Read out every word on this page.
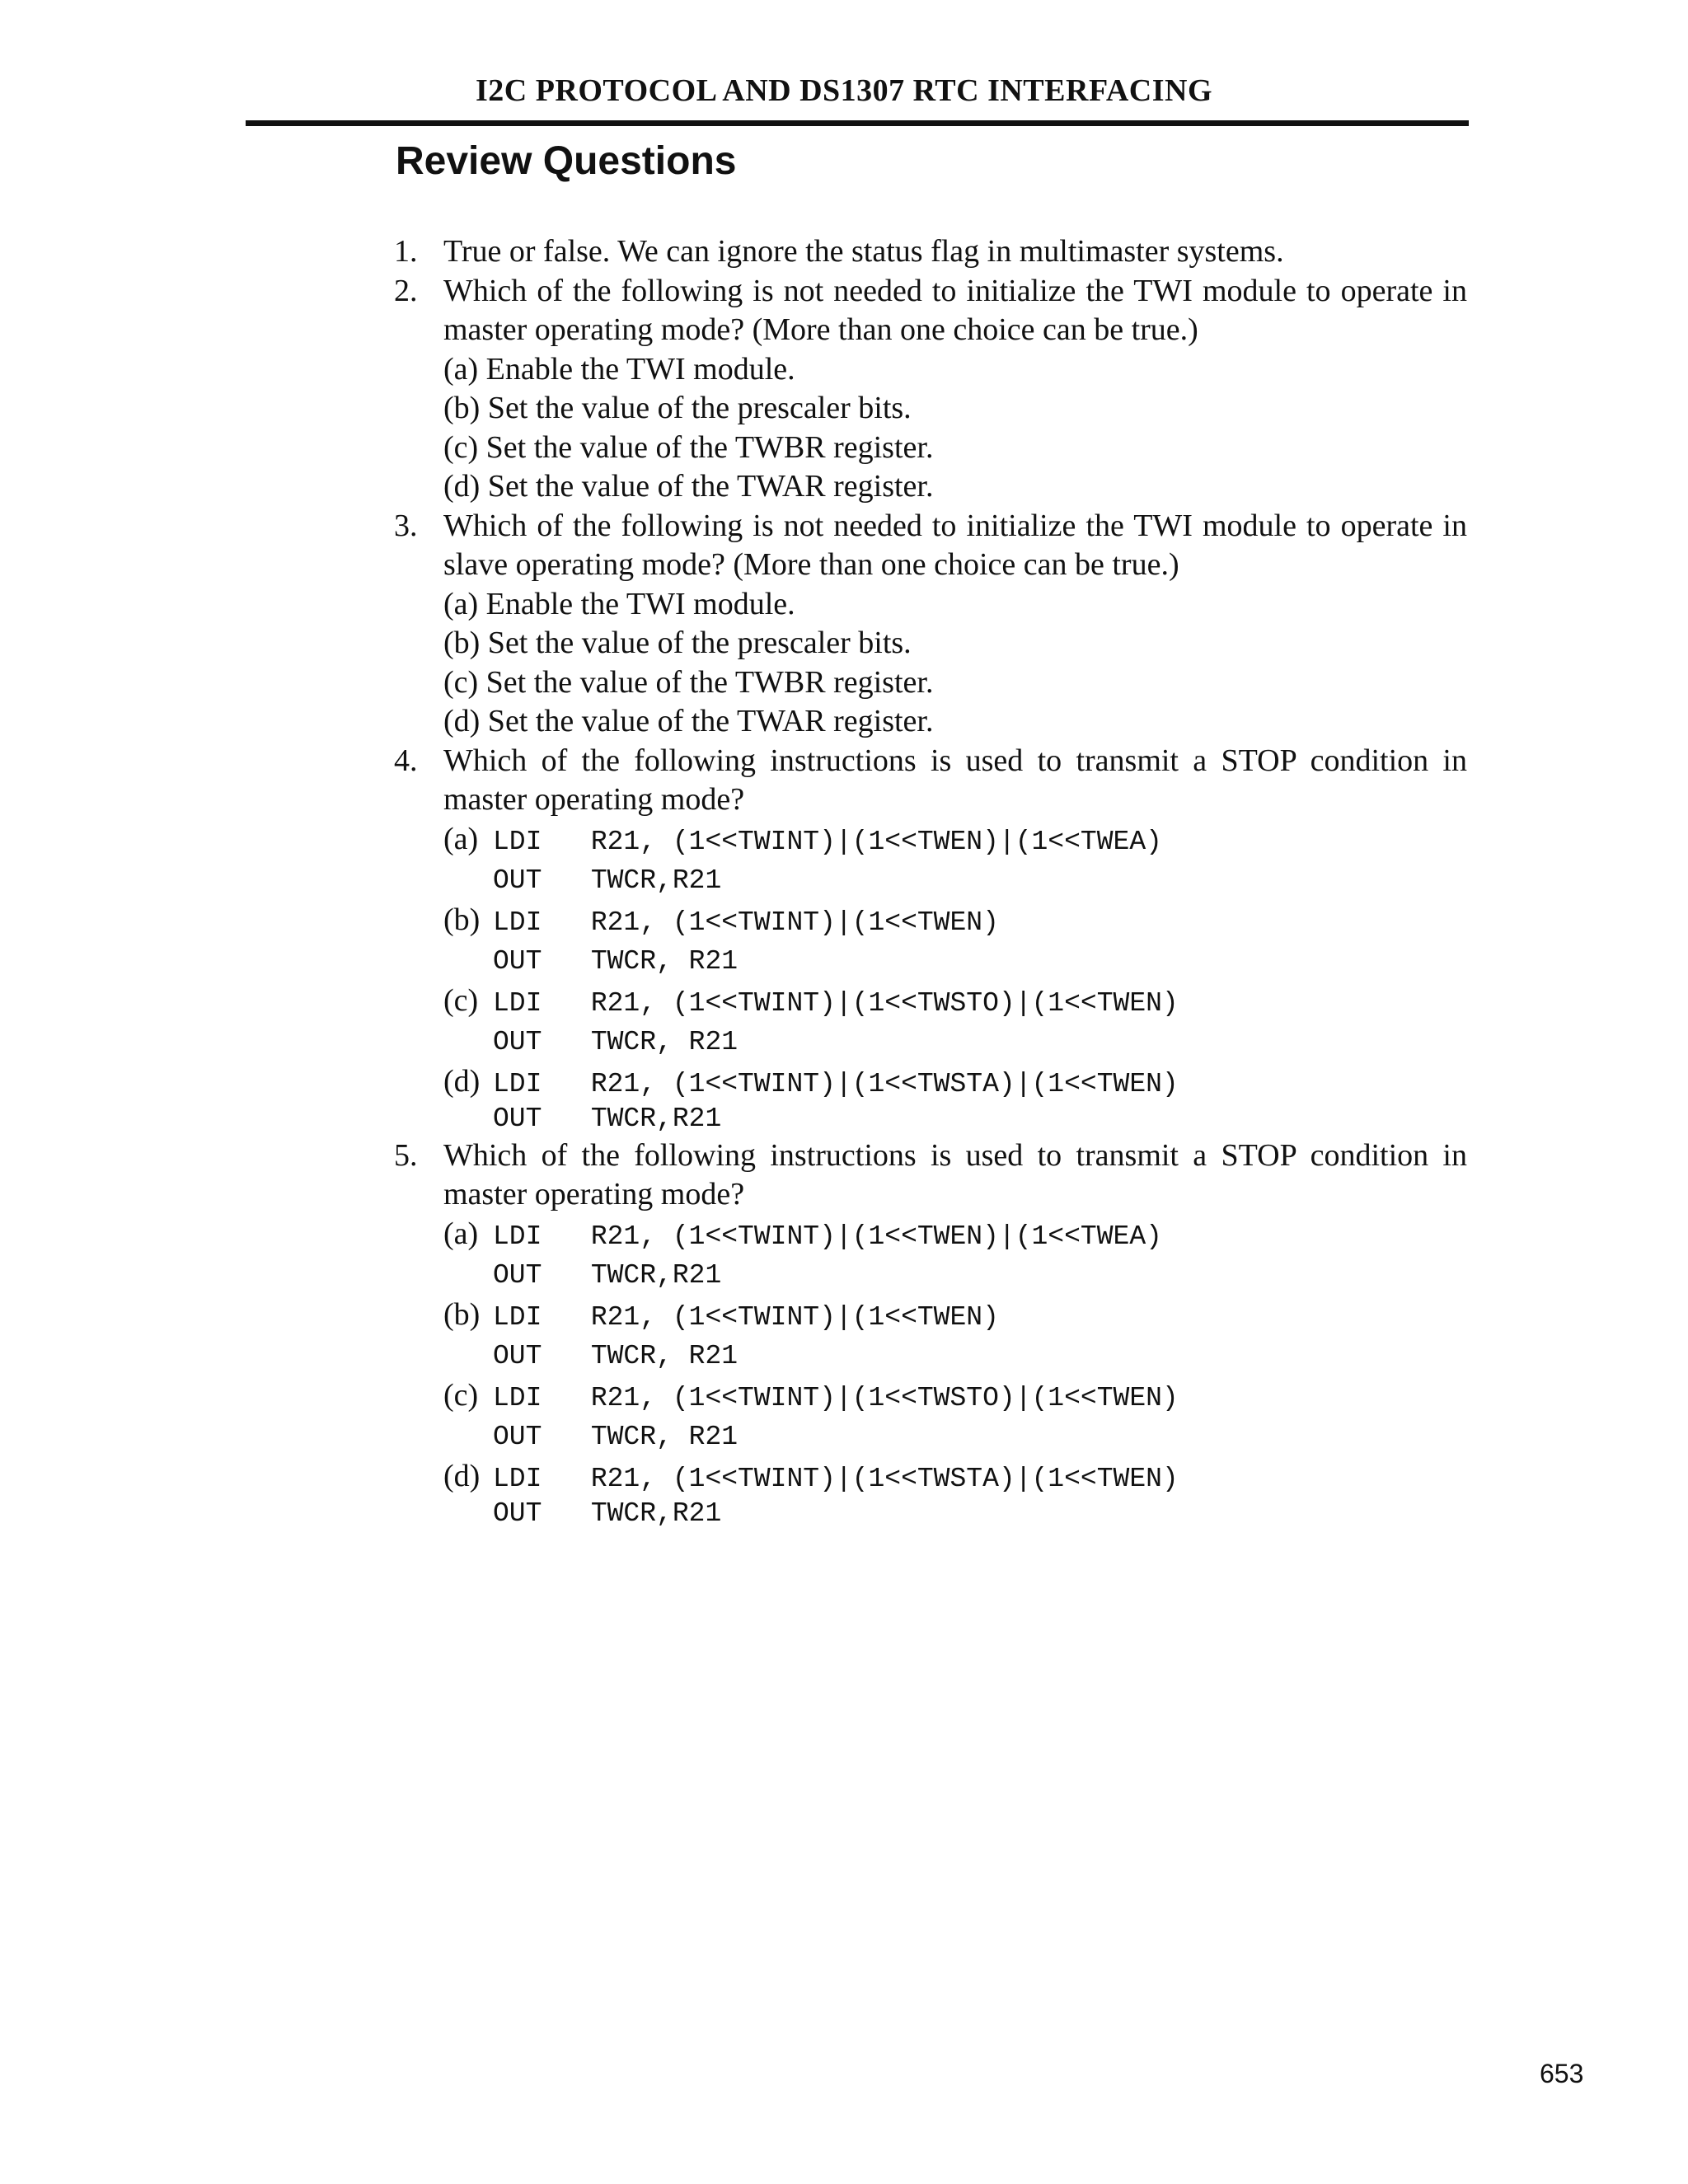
I2C PROTOCOL AND DS1307 RTC INTERFACING
Review Questions
1. True or false. We can ignore the status flag in multimaster systems.
2. Which of the following is not needed to initialize the TWI module to operate in master operating mode? (More than one choice can be true.)
(a) Enable the TWI module.
(b) Set the value of the prescaler bits.
(c) Set the value of the TWBR register.
(d) Set the value of the TWAR register.
3. Which of the following is not needed to initialize the TWI module to operate in slave operating mode? (More than one choice can be true.)
(a) Enable the TWI module.
(b) Set the value of the prescaler bits.
(c) Set the value of the TWBR register.
(d) Set the value of the TWAR register.
4. Which of the following instructions is used to transmit a STOP condition in master operating mode?
(a) LDI   R21, (1<<TWINT)|(1<<TWEN)|(1<<TWEA)
OUT   TWCR,R21
(b) LDI   R21, (1<<TWINT)|(1<<TWEN)
OUT   TWCR, R21
(c) LDI   R21, (1<<TWINT)|(1<<TWSTO)|(1<<TWEN)
OUT   TWCR, R21
(d) LDI   R21, (1<<TWINT)|(1<<TWSTA)|(1<<TWEN)
OUT   TWCR,R21
5. Which of the following instructions is used to transmit a STOP condition in master operating mode?
(a) LDI   R21, (1<<TWINT)|(1<<TWEN)|(1<<TWEA)
OUT   TWCR,R21
(b) LDI   R21, (1<<TWINT)|(1<<TWEN)
OUT   TWCR, R21
(c) LDI   R21, (1<<TWINT)|(1<<TWSTO)|(1<<TWEN)
OUT   TWCR, R21
(d) LDI   R21, (1<<TWINT)|(1<<TWSTA)|(1<<TWEN)
OUT   TWCR,R21
653
